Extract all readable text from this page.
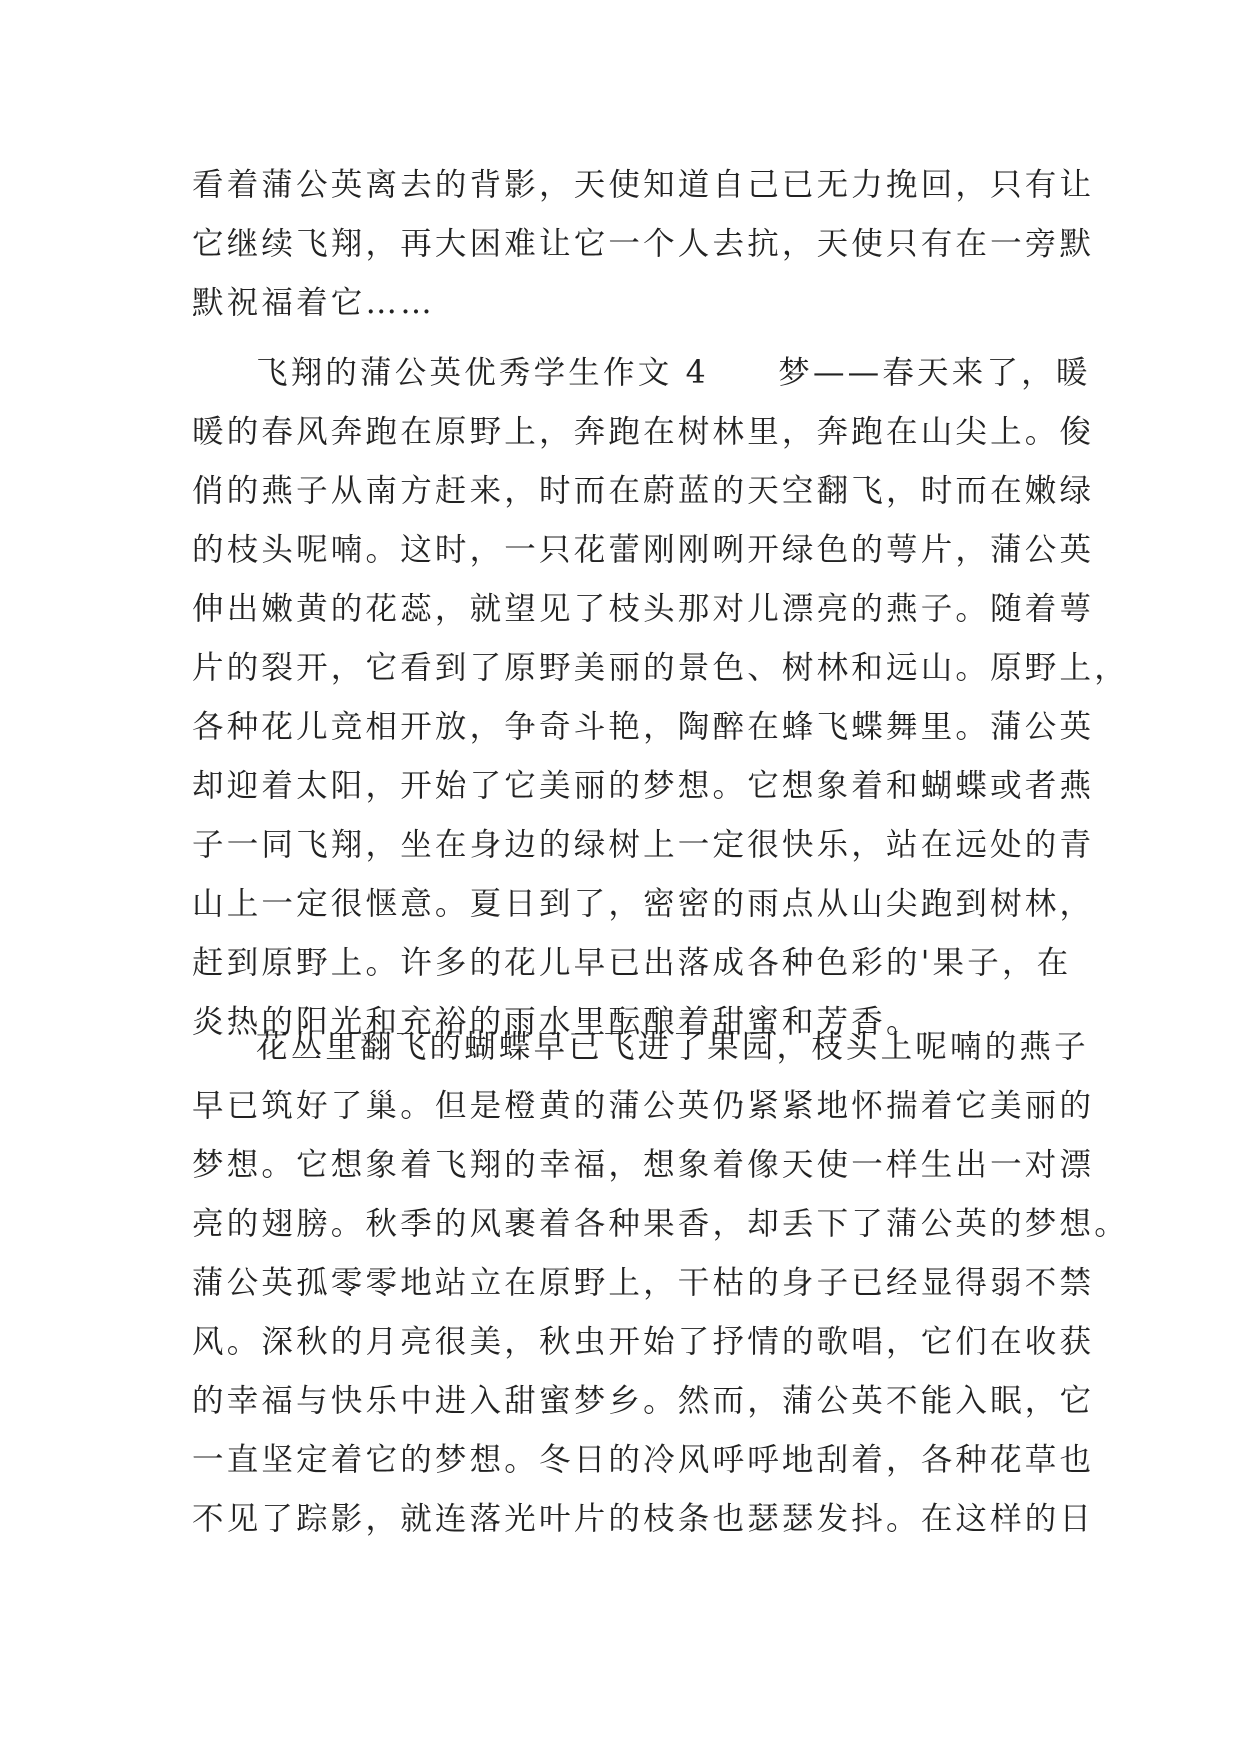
看着蒲公英离去的背影，天使知道自己已无力挽回，只有让
它继续飞翔，再大困难让它一个人去抗，天使只有在一旁默
默祝福着它……
飞翔的蒲公英优秀学生作文 4　　梦——春天来了，暖
暖的春风奔跑在原野上，奔跑在树林里，奔跑在山尖上。俊
俏的燕子从南方赶来，时而在蔚蓝的天空翻飞，时而在嫩绿
的枝头呢喃。这时，一只花蕾刚刚咧开绿色的萼片，蒲公英
伸出嫩黄的花蕊，就望见了枝头那对儿漂亮的燕子。随着萼
片的裂开，它看到了原野美丽的景色、树林和远山。原野上，
各种花儿竞相开放，争奇斗艳，陶醉在蜂飞蝶舞里。蒲公英
却迎着太阳，开始了它美丽的梦想。它想象着和蝴蝶或者燕
子一同飞翔，坐在身边的绿树上一定很快乐，站在远处的青
山上一定很惬意。夏日到了，密密的雨点从山尖跑到树林，
赶到原野上。许多的花儿早已出落成各种色彩的'果子，在
炎热的阳光和充裕的雨水里酝酿着甜蜜和芳香。
花丛里翻飞的蝴蝶早已飞进了果园，枝头上呢喃的燕子
早已筑好了巢。但是橙黄的蒲公英仍紧紧地怀揣着它美丽的
梦想。它想象着飞翔的幸福，想象着像天使一样生出一对漂
亮的翅膀。秋季的风裹着各种果香，却丢下了蒲公英的梦想。
蒲公英孤零零地站立在原野上，干枯的身子已经显得弱不禁
风。深秋的月亮很美，秋虫开始了抒情的歌唱，它们在收获
的幸福与快乐中进入甜蜜梦乡。然而，蒲公英不能入眠，它
一直坚定着它的梦想。冬日的冷风呼呼地刮着，各种花草也
不见了踪影，就连落光叶片的枝条也瑟瑟发抖。在这样的日
